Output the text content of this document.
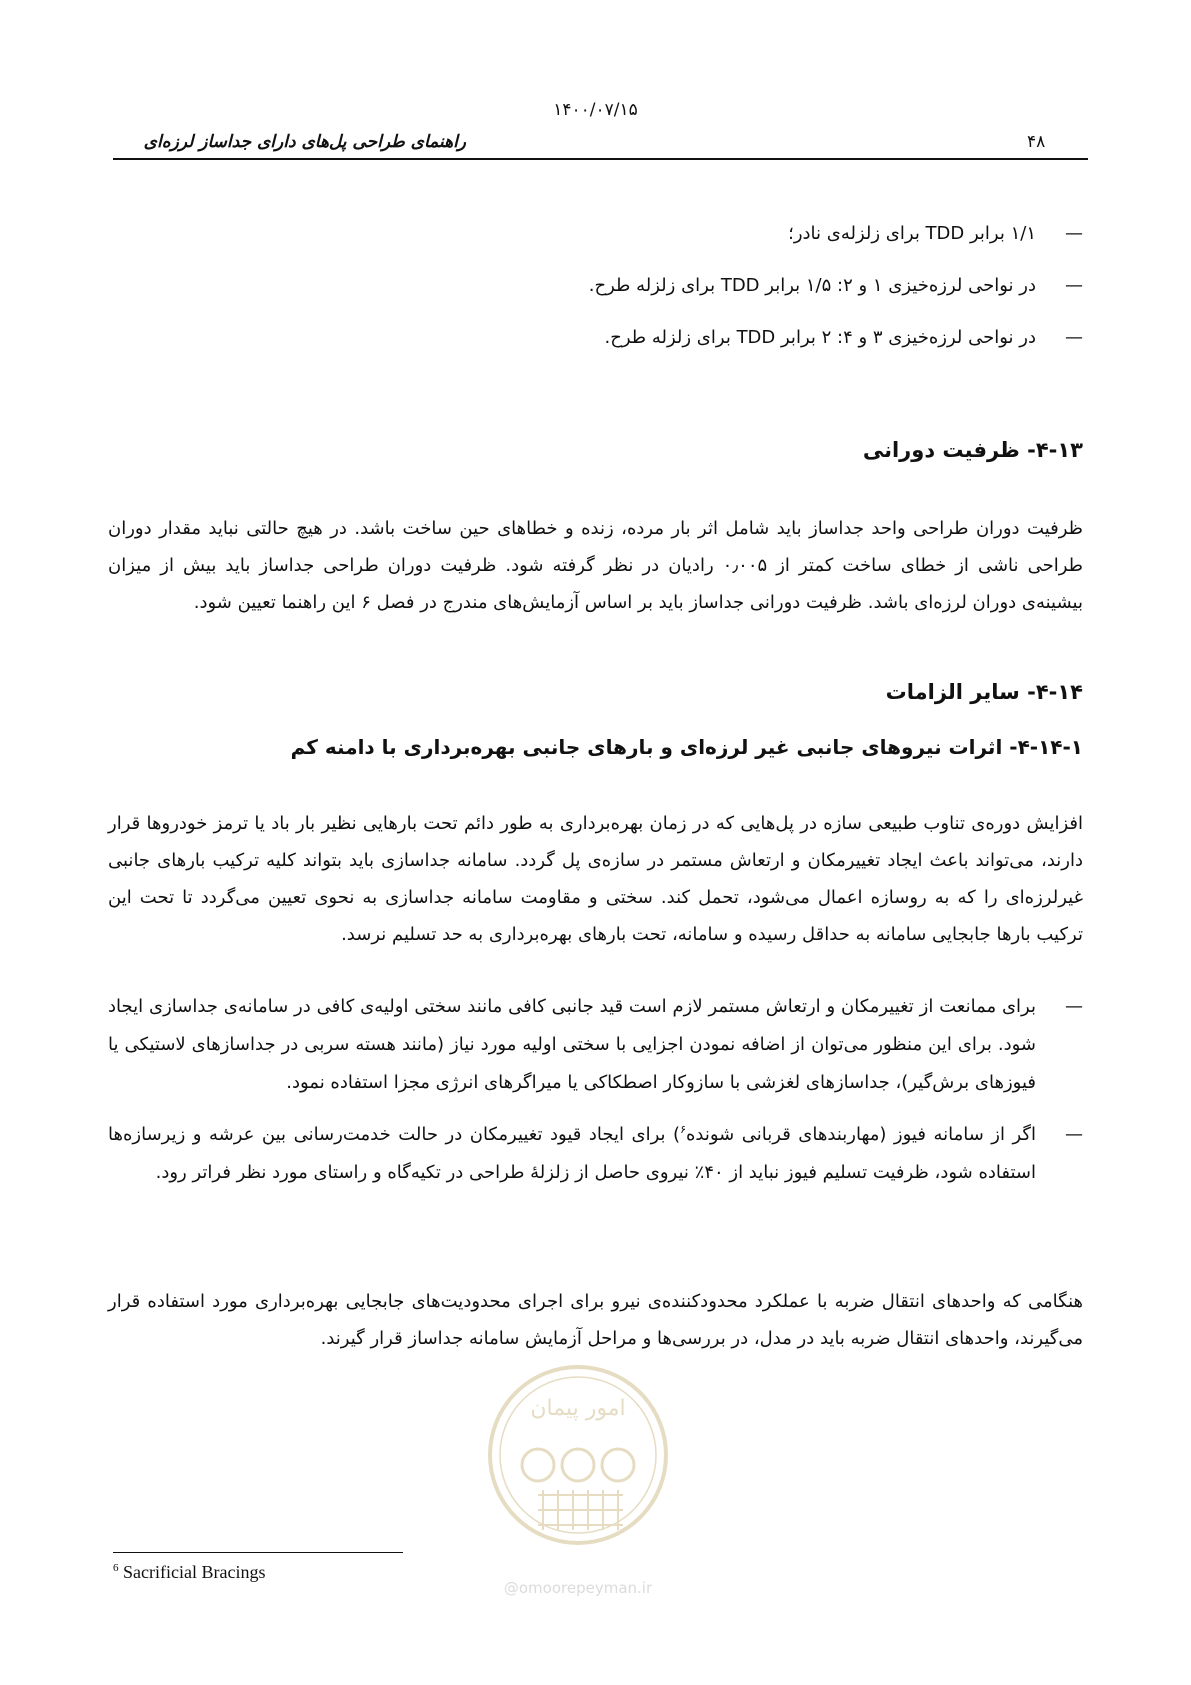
۱۴۰۰/۰۷/۱۵
راهنمای طراحی پل‌های دارای جداساز لرزه‌ای	۴۸
—
۱/۱ برابر TDD برای زلزله‌ی نادر؛
—
در نواحی لرزه‌خیزی ۱ و ۲: ۱/۵ برابر TDD برای زلزله طرح.
—
در نواحی لرزه‌خیزی ۳ و ۴: ۲ برابر TDD برای زلزله طرح.
۴-۱۳- ظرفیت دورانی
ظرفیت دوران طراحی واحد جداساز باید شامل اثر بار مرده، زنده و خطاهای حین ساخت باشد. در هیچ حالتی نباید مقدار دوران طراحی ناشی از خطای ساخت کمتر از ۰٫۰۰۵ رادیان در نظر گرفته شود. ظرفیت دوران طراحی جداساز باید بیش از میزان بیشینه‌ی دوران لرزه‌ای باشد. ظرفیت دورانی جداساز باید بر اساس آزمایش‌های مندرج در فصل ۶ این راهنما تعیین شود.
۴-۱۴- سایر الزامات
۴-۱۴-۱- اثرات نیروهای جانبی غیر لرزه‌ای و بارهای جانبی بهره‌برداری با دامنه کم
افزایش دوره‌ی تناوب طبیعی سازه در پل‌هایی که در زمان بهره‌برداری به طور دائم تحت بارهایی نظیر بار باد یا ترمز خودروها قرار دارند، می‌تواند باعث ایجاد تغییرمکان و ارتعاش مستمر در سازه‌ی پل گردد. سامانه جداسازی باید بتواند کلیه ترکیب بارهای جانبی غیرلرزه‌ای را که به روسازه اعمال می‌شود، تحمل کند. سختی و مقاومت سامانه جداسازی به نحوی تعیین می‌گردد تا تحت این ترکیب بارها جابجایی سامانه به حداقل رسیده و سامانه، تحت بارهای بهره‌برداری به حد تسلیم نرسد.
—
برای ممانعت از تغییرمکان و ارتعاش مستمر لازم است قید جانبی کافی مانند سختی اولیه‌ی کافی در سامانه‌ی جداسازی ایجاد شود. برای این منظور می‌توان از اضافه نمودن اجزایی با سختی اولیه مورد نیاز (مانند هسته سربی در جداسازهای لاستیکی یا فیوزهای برش‌گیر)، جداسازهای لغزشی با سازوکار اصطکاکی یا میراگرهای انرژی مجزا استفاده نمود.
—
اگر از سامانه فیوز (مهاربندهای قربانی شونده$^۶$) برای ایجاد قیود تغییرمکان در حالت خدمت‌رسانی بین عرشه و زیرسازه‌ها استفاده شود، ظرفیت تسلیم فیوز نباید از ۴۰٪ نیروی حاصل از زلزلهٔ طراحی در تکیه‌گاه و راستای مورد نظر فراتر رود.
هنگامی که واحدهای انتقال ضربه با عملکرد محدودکننده‌ی نیرو برای اجرای محدودیت‌های جابجایی بهره‌برداری مورد استفاده قرار می‌گیرند، واحدهای انتقال ضربه باید در مدل، در بررسی‌ها و مراحل آزمایش سامانه جداساز قرار گیرند.
امور پیمان
@omoorepeyman.ir
$^6$ Sacrificial Bracings
